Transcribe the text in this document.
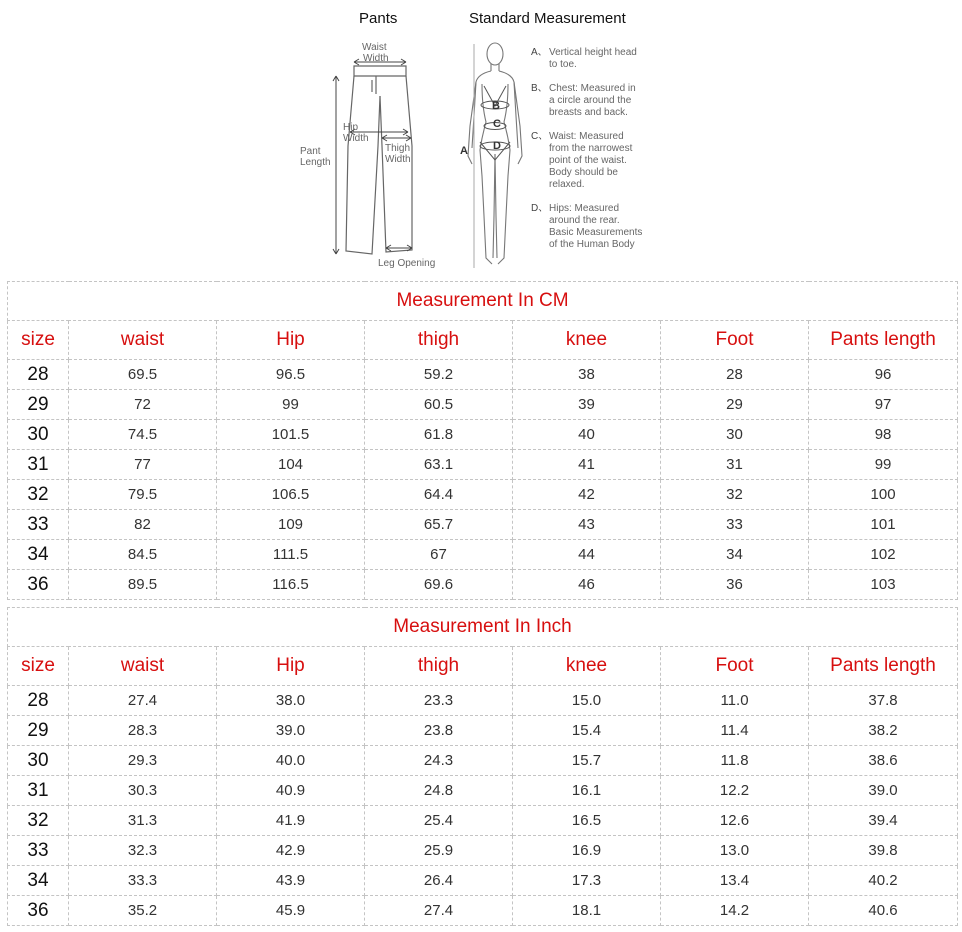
Pants	Standard Measurement
Waist
Width
Hip
Width
Thigh
Width
Pant
Length
Leg Opening
A
B
C
D
A、 Vertical height head
to toe.
B、 Chest: Measured in
a circle around the
breasts and back.
C、 Waist: Measured
from the narrowest
point of the waist.
Body should be
relaxed.
D、 Hips: Measured
around the rear.
Basic Measurements
of the Human Body
Measurement In CM						
size	waist	Hip	thigh	knee	Foot	Pants length
28	69.5	96.5	59.2	38	28	96
29	72	99	60.5	39	29	97
30	74.5	101.5	61.8	40	30	98
31	77	104	63.1	41	31	99
32	79.5	106.5	64.4	42	32	100
33	82	109	65.7	43	33	101
34	84.5	111.5	67	44	34	102
36	89.5	116.5	69.6	46	36	103
Measurement In Inch						
size	waist	Hip	thigh	knee	Foot	Pants length
28	27.4	38.0	23.3	15.0	11.0	37.8
29	28.3	39.0	23.8	15.4	11.4	38.2
30	29.3	40.0	24.3	15.7	11.8	38.6
31	30.3	40.9	24.8	16.1	12.2	39.0
32	31.3	41.9	25.4	16.5	12.6	39.4
33	32.3	42.9	25.9	16.9	13.0	39.8
34	33.3	43.9	26.4	17.3	13.4	40.2
36	35.2	45.9	27.4	18.1	14.2	40.6
